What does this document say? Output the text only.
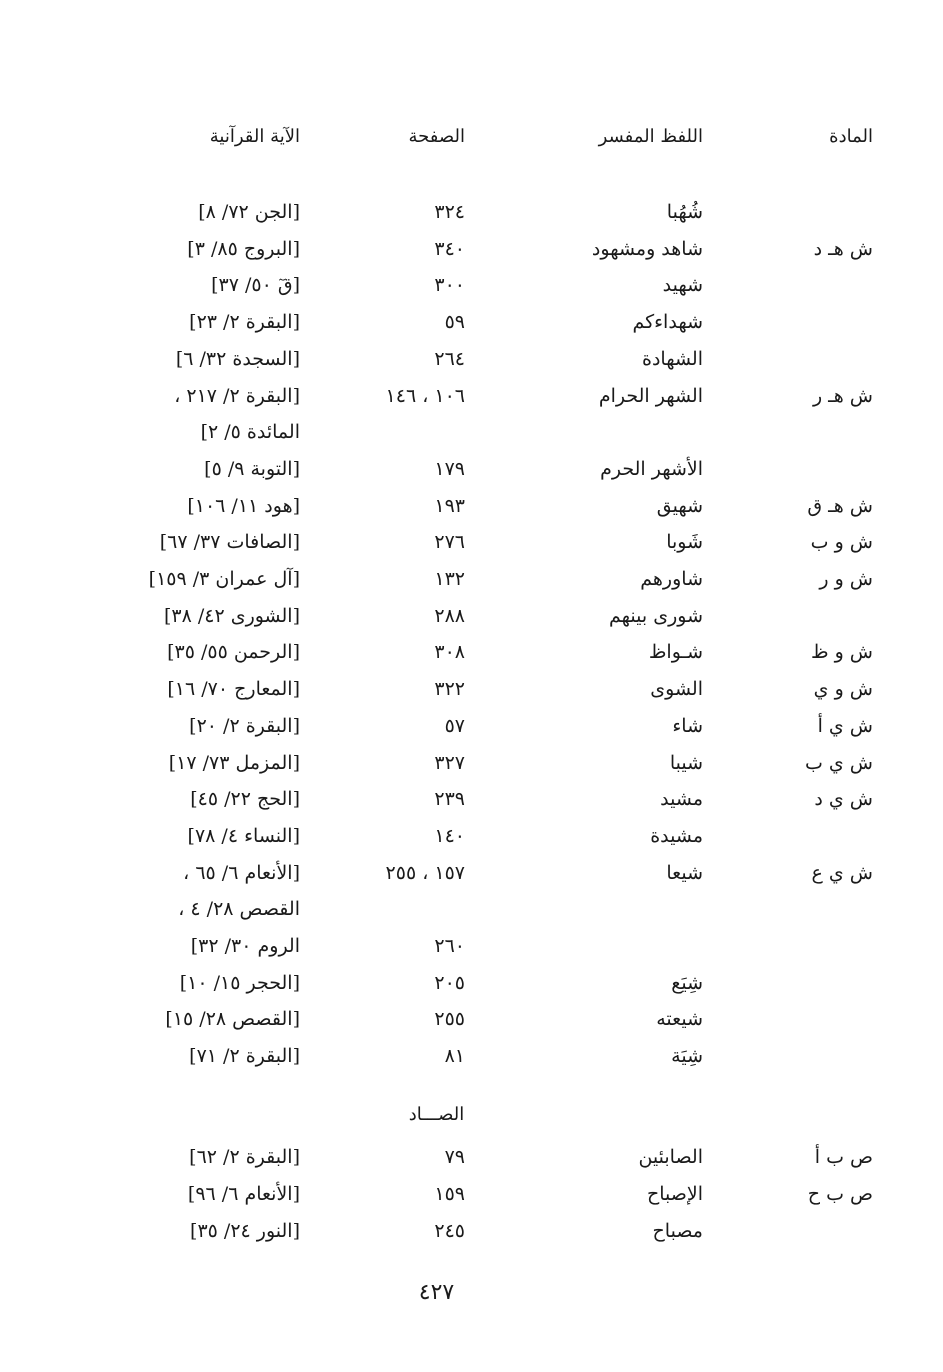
المادة
اللفظ المفسر
الصفحة
الآية القرآنية
شُهُبا
٣٢٤
[الجن ٧٢/ ٨]
ش هـ د
شاهد ومشهود
٣٤٠
[البروج ٨٥/ ٣]
شهيد
٣٠٠
[قٓ ٥٠/ ٣٧]
شهداءكم
٥٩
[البقرة ٢/ ٢٣]
الشهادة
٢٦٤
[السجدة ٣٢/ ٦]
ش هـ ر
الشهر الحرام
١٠٦ ، ١٤٦
[البقرة ٢/ ٢١٧ ،
المائدة ٥/ ٢]
الأشهر الحرم
١٧٩
[التوبة ٩/ ٥]
ش هـ ق
شهيق
١٩٣
[هود ١١/ ١٠٦]
ش و ب
شَوبا
٢٧٦
[الصافات ٣٧/ ٦٧]
ش و ر
شاورهم
١٣٢
[آل عمران ٣/ ١٥٩]
شورى بينهم
٢٨٨
[الشورى ٤٢/ ٣٨]
ش و ظ
شـواظ
٣٠٨
[الرحمن ٥٥/ ٣٥]
ش و ي
الشوى
٣٢٢
[المعارج ٧٠/ ١٦]
ش ي أ
شاء
٥٧
[البقرة ٢/ ٢٠]
ش ي ب
شيبا
٣٢٧
[المزمل ٧٣/ ١٧]
ش ي د
مشيد
٢٣٩
[الحج ٢٢/ ٤٥]
مشيدة
١٤٠
[النساء ٤/ ٧٨]
ش ي ع
شيعا
١٥٧ ، ٢٥٥
[الأنعام ٦/ ٦٥ ،
القصص ٢٨/ ٤ ،
٢٦٠
الروم ٣٠/ ٣٢]
شِيَع
٢٠٥
[الحجر ١٥/ ١٠]
شيعته
٢٥٥
[القصص ٢٨/ ١٥]
شِيَة
٨١
[البقرة ٢/ ٧١]
الصـــاد
ص ب أ
الصابئين
٧٩
[البقرة ٢/ ٦٢]
ص ب ح
الإصباح
١٥٩
[الأنعام ٦/ ٩٦]
مصباح
٢٤٥
[النور ٢٤/ ٣٥]
٤٢٧
